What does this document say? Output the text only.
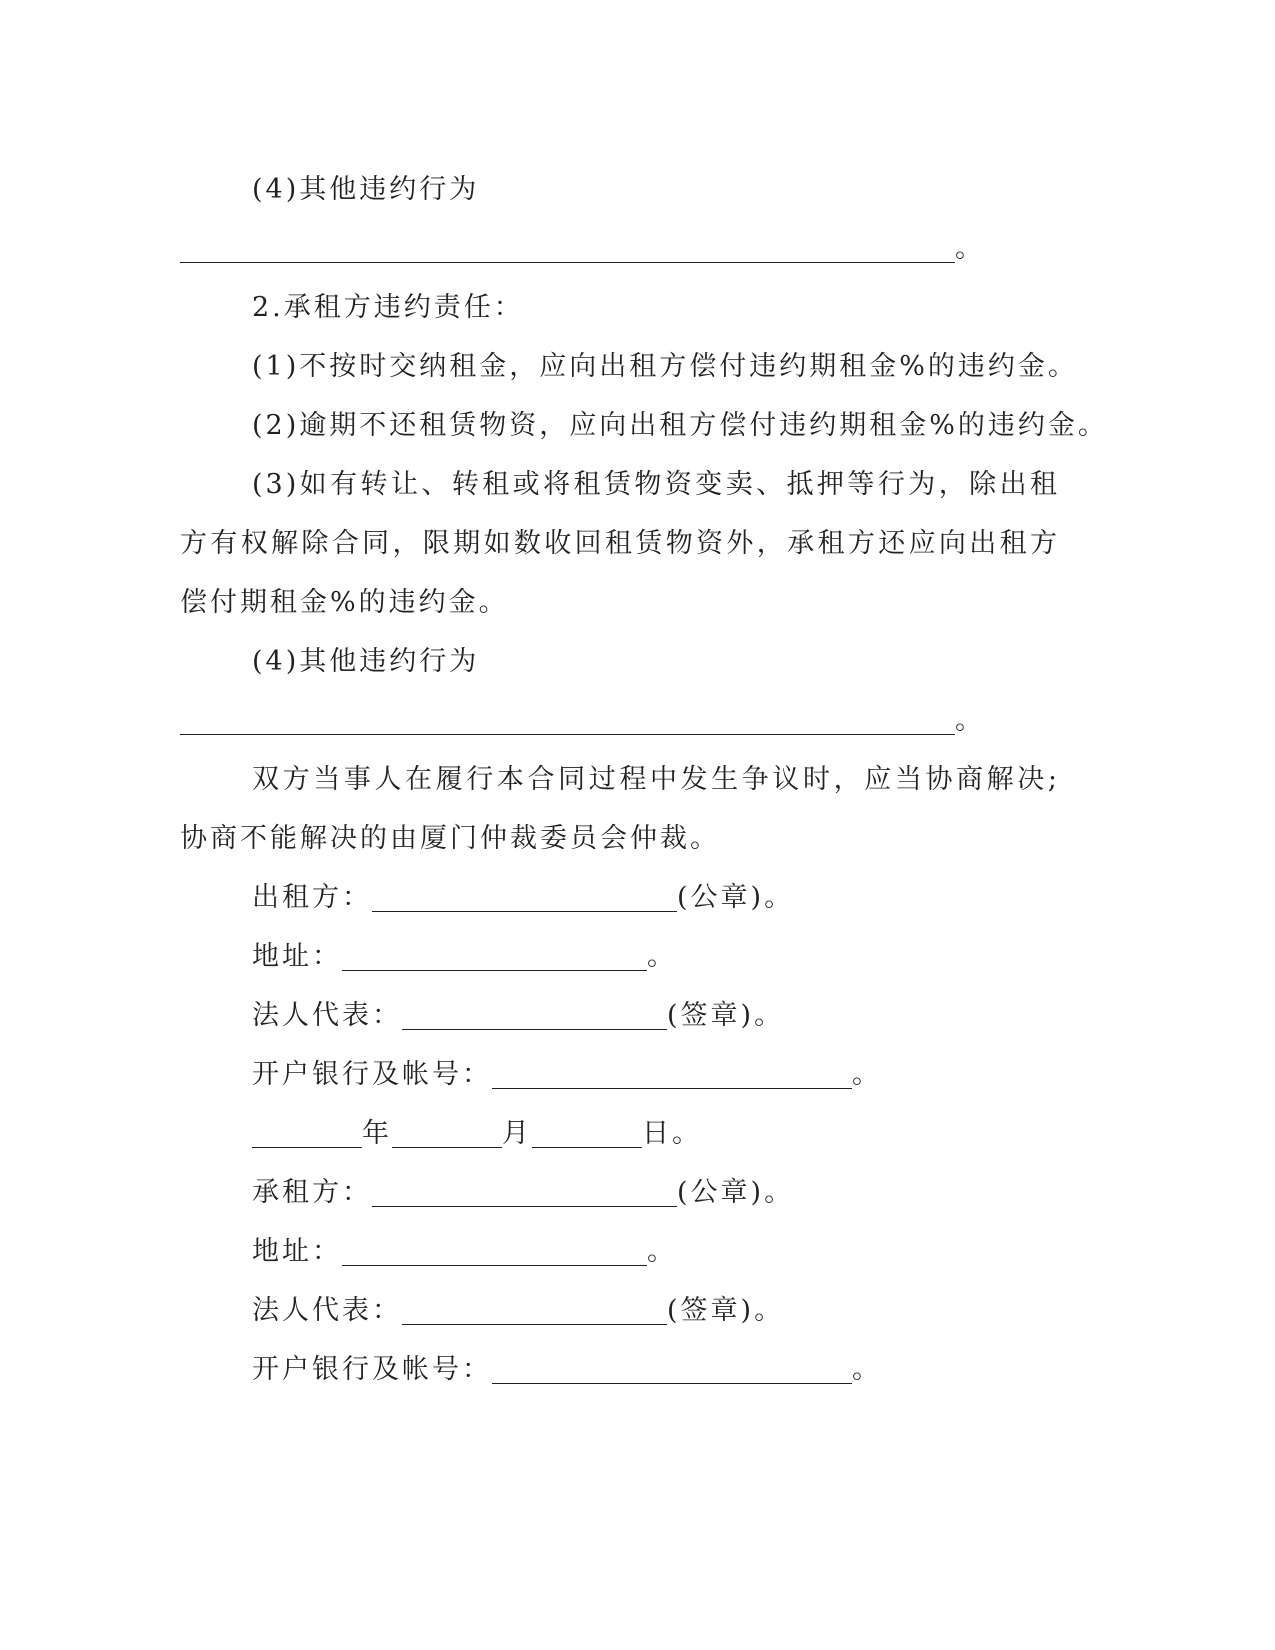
(4)其他违约行为

。

2.承租方违约责任：

(1)不按时交纳租金，应向出租方偿付违约期租金%的违约金。

(2)逾期不还租赁物资，应向出租方偿付违约期租金%的违约金。

(3)如有转让、转租或将租赁物资变卖、抵押等行为，除出租方有权解除合同，限期如数收回租赁物资外，承租方还应向出租方偿付期租金%的违约金。

(4)其他违约行为

。

双方当事人在履行本合同过程中发生争议时，应当协商解决;协商不能解决的由厦门仲裁委员会仲裁。

出租方：	(公章)。

地址：	。

法人代表：	(签章)。

开户银行及帐号：	。

年	月	日。

承租方：	(公章)。

地址：	。

法人代表：	(签章)。

开户银行及帐号：	。
